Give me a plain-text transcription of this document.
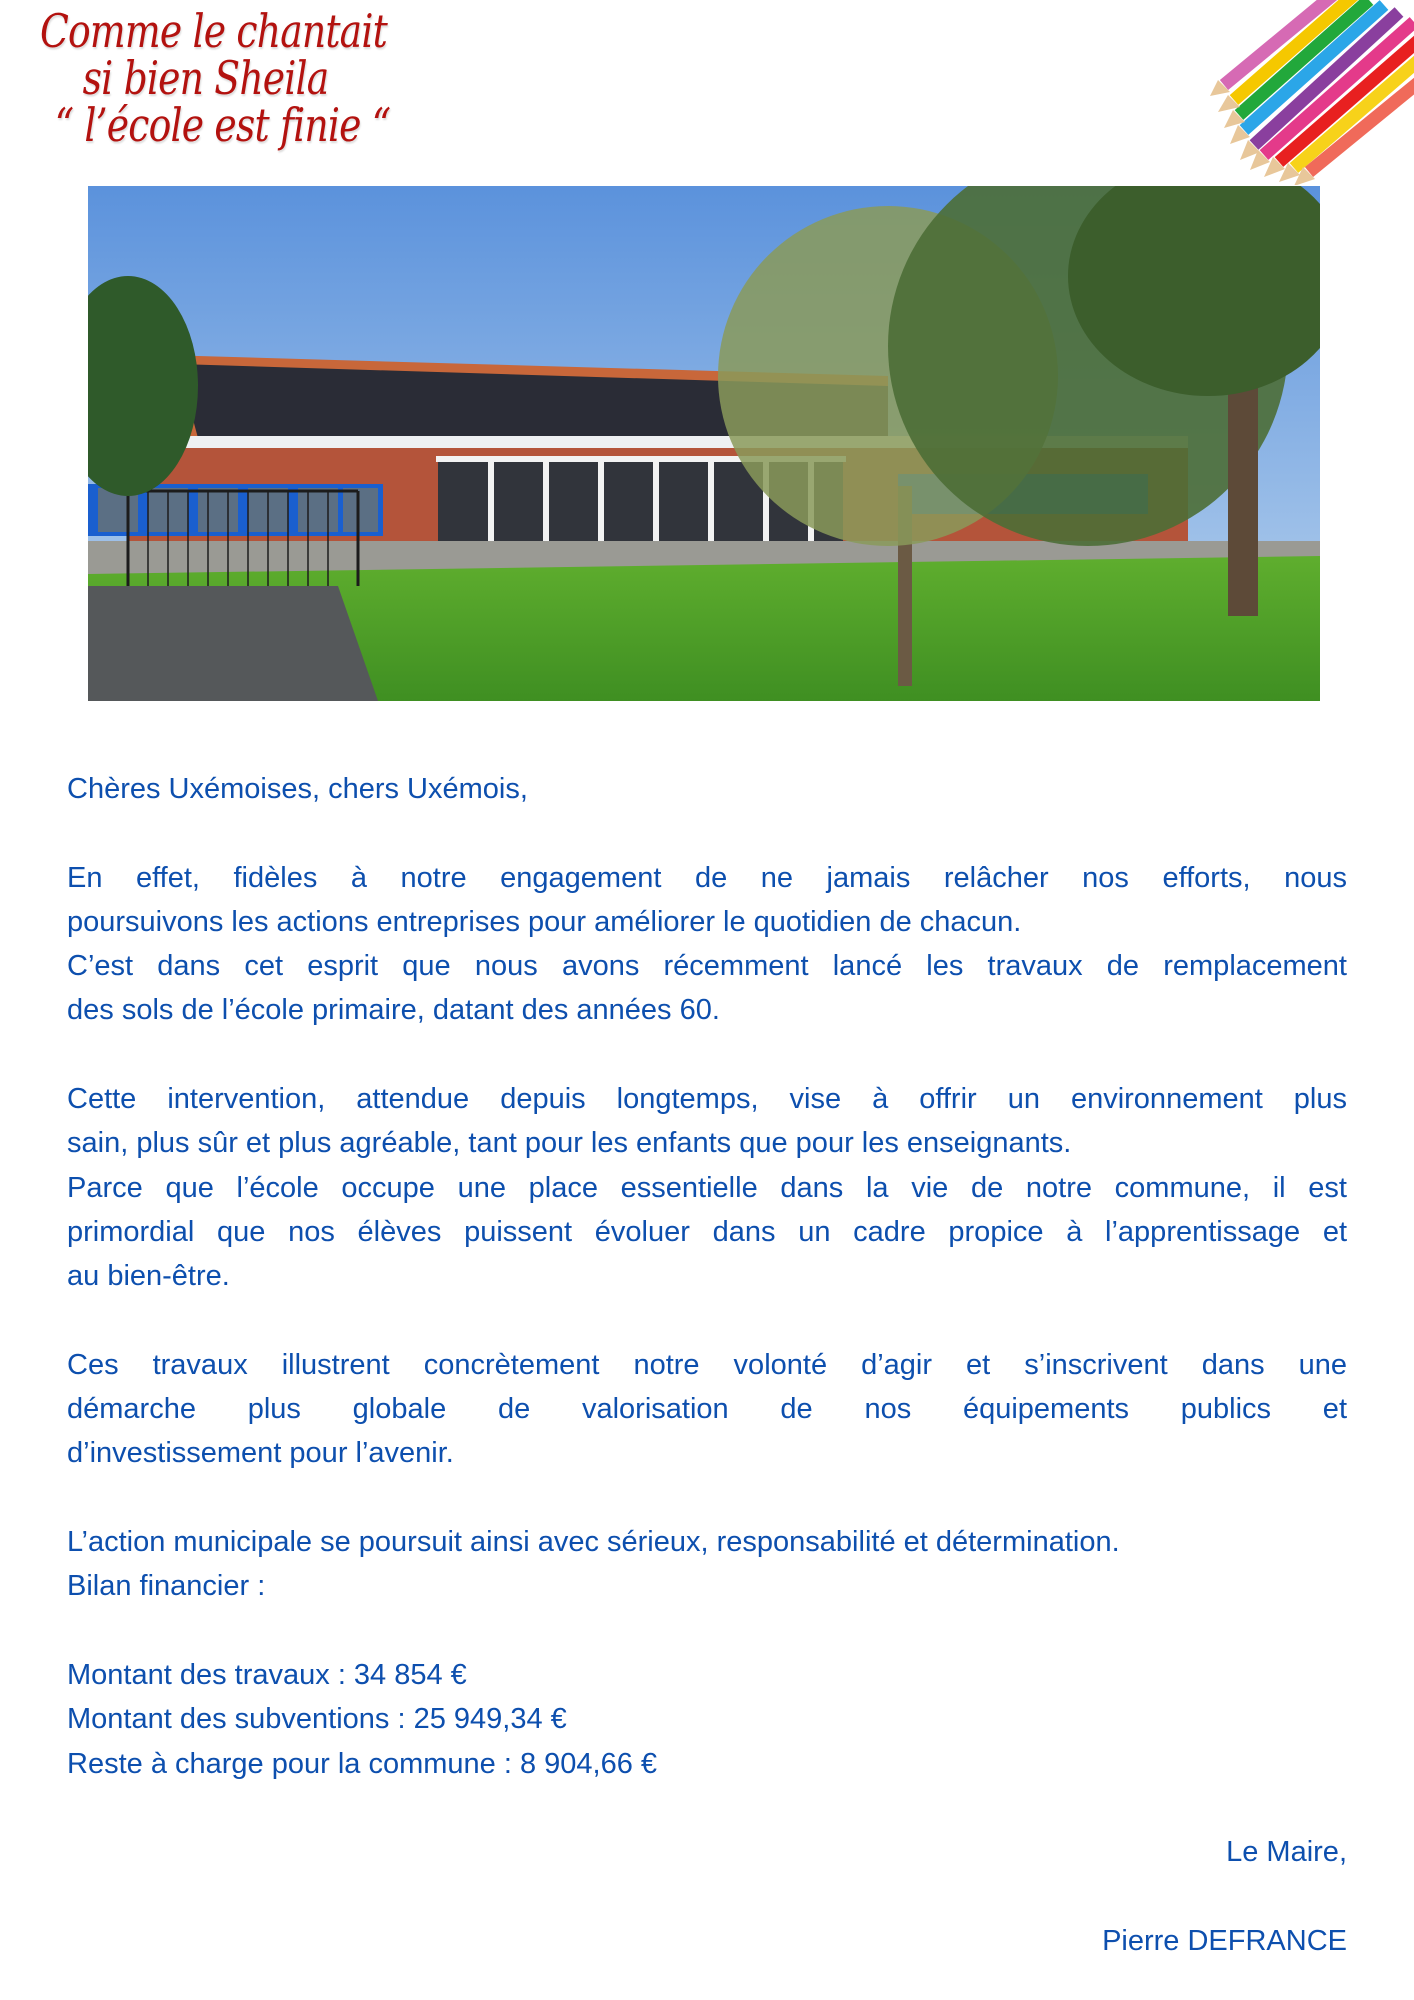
Comme le chantait
si bien Sheila
“ l’école est finie “
Chères Uxémoises, chers Uxémois,
En effet, fidèles à notre engagement de ne jamais relâcher nos efforts, nous
poursuivons les actions entreprises pour améliorer le quotidien de chacun.
C’est dans cet esprit que nous avons récemment lancé les travaux de remplacement
des sols de l’école primaire, datant des années 60.
Cette intervention, attendue depuis longtemps, vise à offrir un environnement plus
sain, plus sûr et plus agréable, tant pour les enfants que pour les enseignants.
Parce que l’école occupe une place essentielle dans la vie de notre commune, il est
primordial que nos élèves puissent évoluer dans un cadre propice à l’apprentissage et
au bien-être.
Ces travaux illustrent concrètement notre volonté d’agir et s’inscrivent dans une
démarche plus globale de valorisation de nos équipements publics et
d’investissement pour l’avenir.
L’action municipale se poursuit ainsi avec sérieux, responsabilité et détermination.
Bilan financier :
Montant des travaux : 34 854 €
Montant des subventions : 25 949,34 €
Reste à charge pour la commune : 8 904,66 €
Le Maire,
Pierre DEFRANCE
